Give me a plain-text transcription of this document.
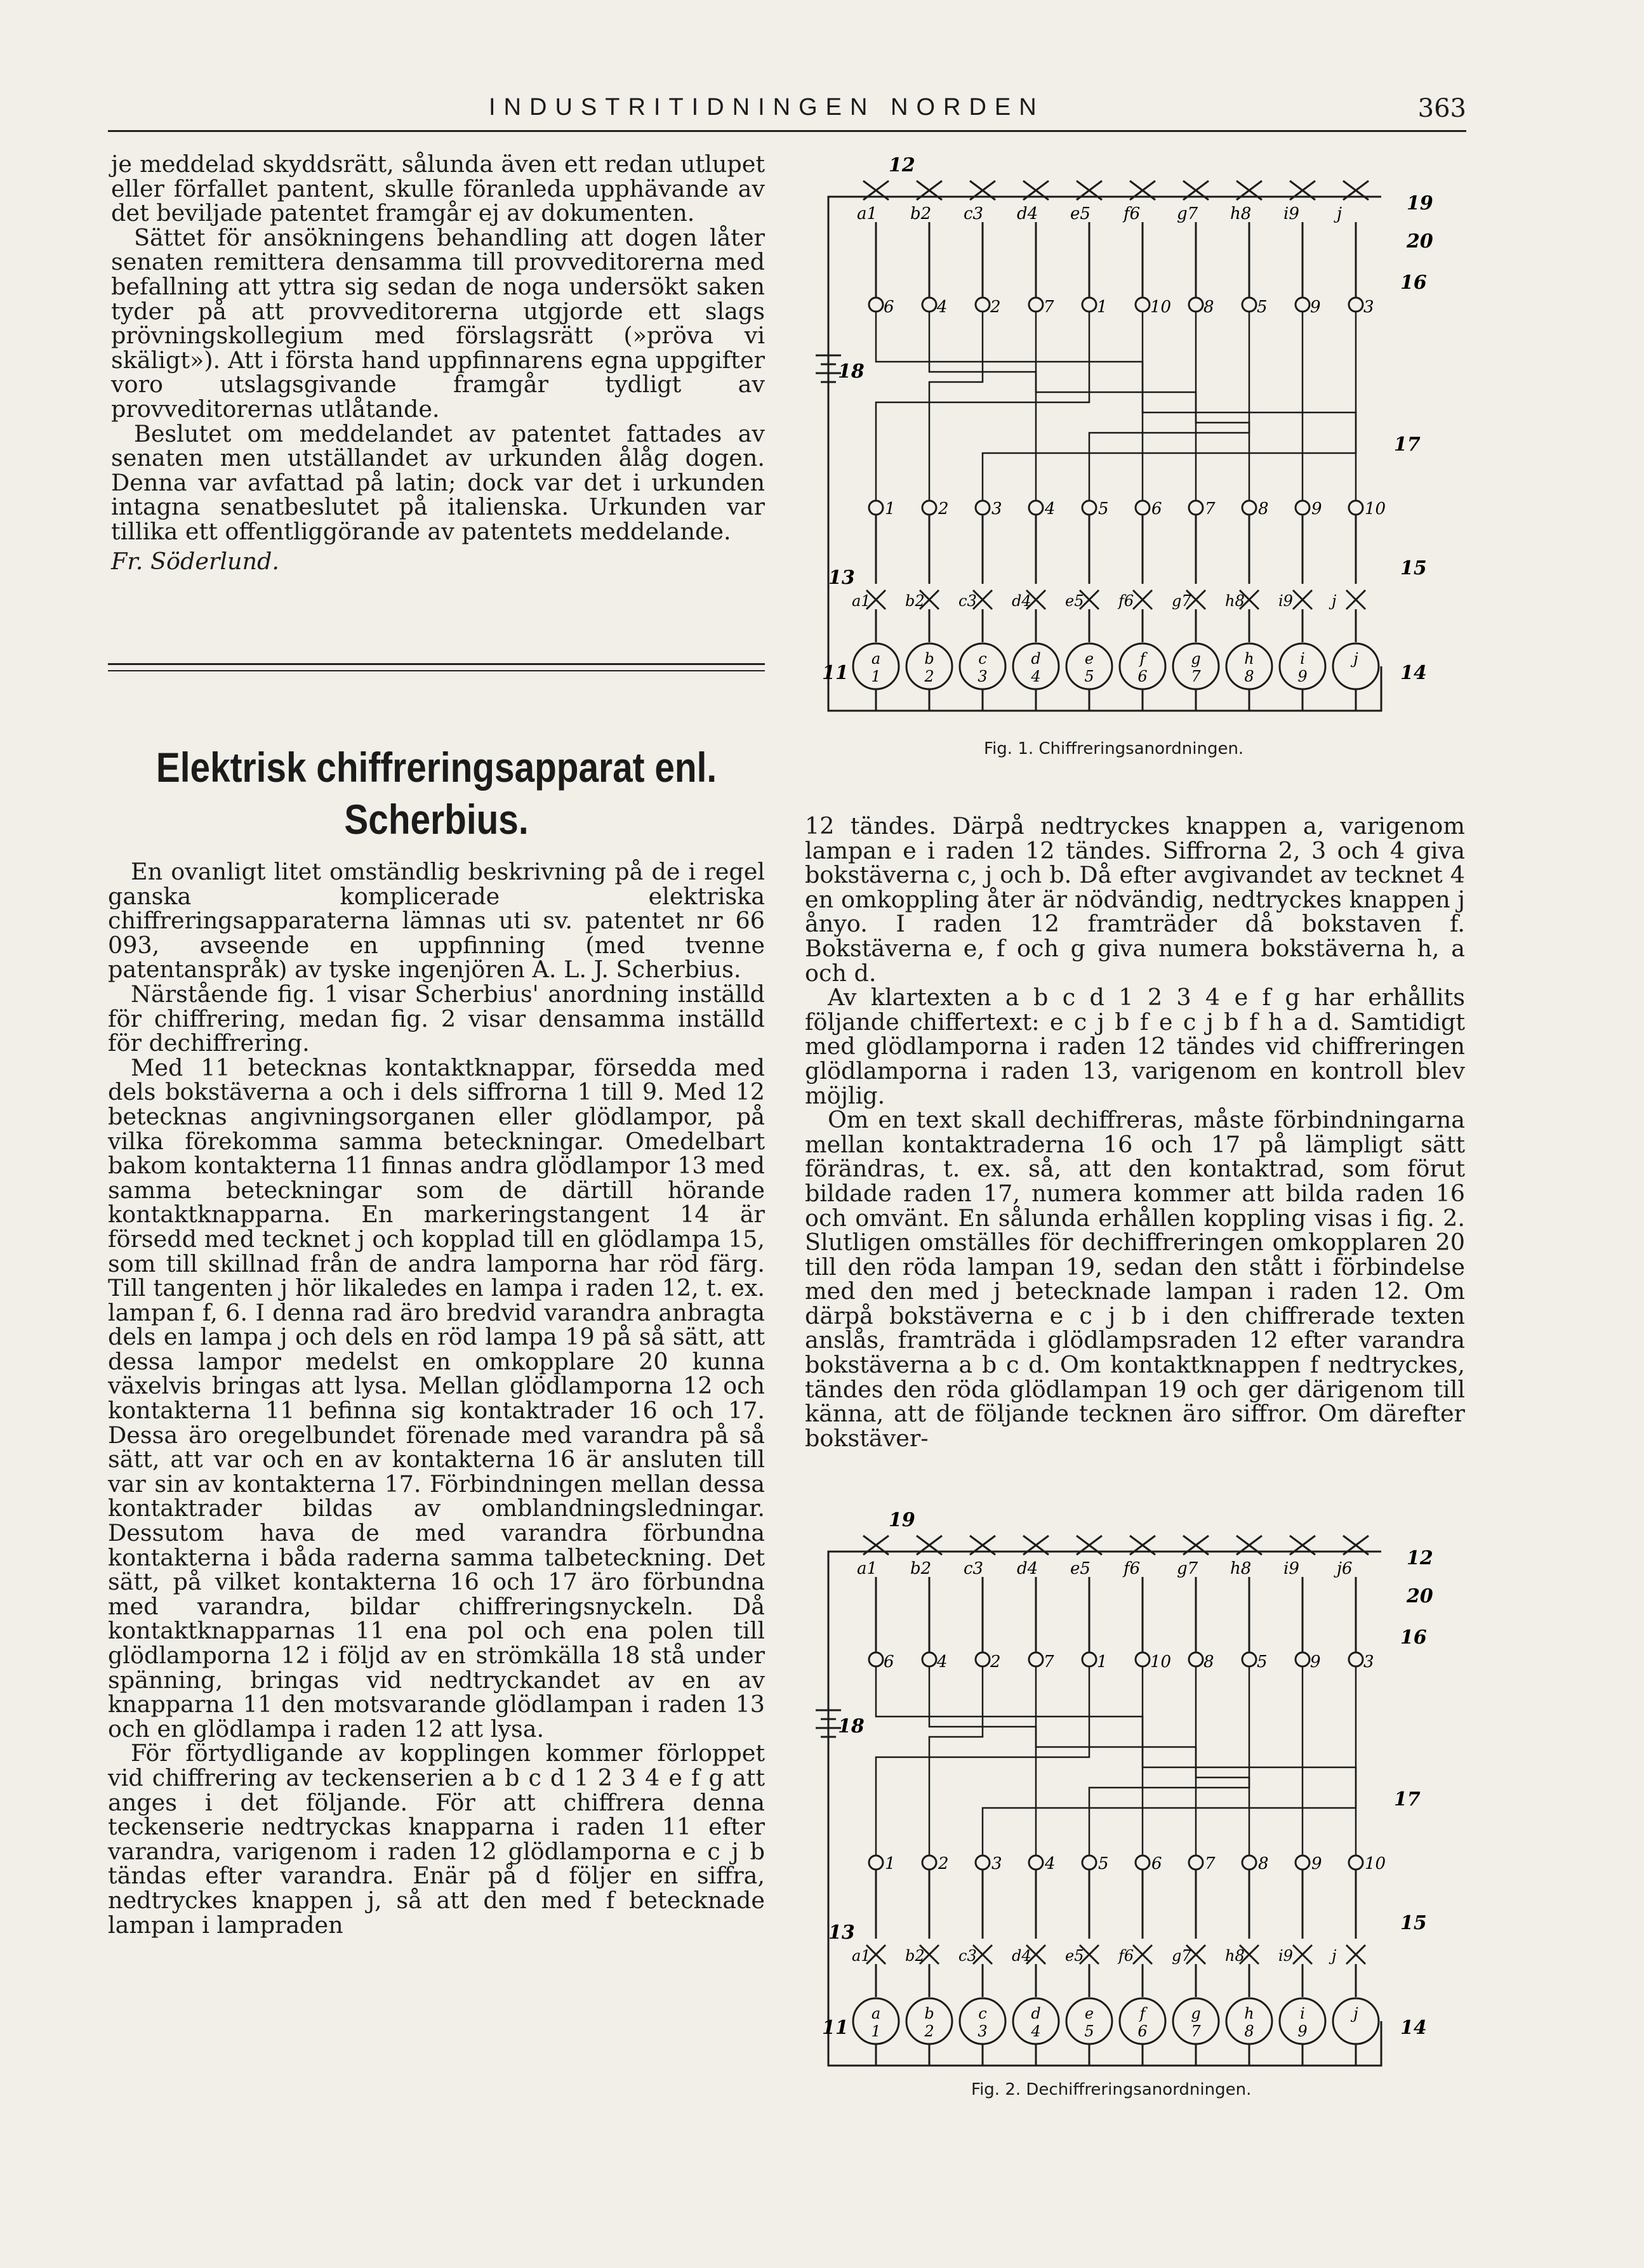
INDUSTRITIDNINGEN NORDEN	363

je meddelad skyddsrätt, sålunda även ett redan utlupet eller förfallet pantent, skulle föranleda upphävande av det beviljade patentet framgår ej av dokumenten.

Sättet för ansökningens behandling att dogen låter senaten remittera densamma till provveditorerna med befallning att yttra sig sedan de noga undersökt saken tyder på att provveditorerna utgjorde ett slags prövningskollegium med förslagsrätt (»pröva vi skäligt»). Att i första hand uppfinnarens egna uppgifter voro utslagsgivande framgår tydligt av provveditorernas utlåtande.

Beslutet om meddelandet av patentet fattades av senaten men utställandet av urkunden ålåg dogen. Denna var avfattad på latin; dock var det i urkunden intagna senatbeslutet på italienska. Urkunden var tillika ett offentliggörande av patentets meddelande.

Fr. Söderlund.

Elektrisk chiffreringsapparat enl.
Scherbius.

En ovanligt litet omständlig beskrivning på de i regel ganska komplicerade elektriska chiffreringsapparaterna lämnas uti sv. patentet nr 66 093, avseende en uppfinning (med tvenne patentanspråk) av tyske ingenjören A. L. J. Scherbius.

Närstående fig. 1 visar Scherbius' anordning inställd för chiffrering, medan fig. 2 visar densamma inställd för dechiffrering.

Med 11 betecknas kontaktknappar, försedda med dels bokstäverna a och i dels siffrorna 1 till 9. Med 12 betecknas angivningsorganen eller glödlampor, på vilka förekomma samma beteckningar. Omedelbart bakom kontakterna 11 finnas andra glödlampor 13 med samma beteckningar som de därtill hörande kontaktknapparna. En markeringstangent 14 är försedd med tecknet j och kopplad till en glödlampa 15, som till skillnad från de andra lamporna har röd färg. Till tangenten j hör likaledes en lampa i raden 12, t. ex. lampan f, 6. I denna rad äro bredvid varandra anbragta dels en lampa j och dels en röd lampa 19 på så sätt, att dessa lampor medelst en omkopplare 20 kunna växelvis bringas att lysa. Mellan glödlamporna 12 och kontakterna 11 befinna sig kontaktrader 16 och 17. Dessa äro oregelbundet förenade med varandra på så sätt, att var och en av kontakterna 16 är ansluten till var sin av kontakterna 17. Förbindningen mellan dessa kontaktrader bildas av omblandningsledningar. Dessutom hava de med varandra förbundna kontakterna i båda raderna samma talbeteckning. Det sätt, på vilket kontakterna 16 och 17 äro förbundna med varandra, bildar chiffreringsnyckeln. Då kontaktknapparnas 11 ena pol och ena polen till glödlamporna 12 i följd av en strömkälla 18 stå under spänning, bringas vid nedtryckandet av en av knapparna 11 den motsvarande glödlampan i raden 13 och en glödlampa i raden 12 att lysa.

För förtydligande av kopplingen kommer förloppet vid chiffrering av teckenserien a b c d 1 2 3 4 e f g att anges i det följande. För att chiffrera denna teckenserie nedtryckas knapparna i raden 11 efter varandra, varigenom i raden 12 glödlamporna e c j b tändas efter varandra. Enär på d följer en siffra, nedtryckes knappen j, så att den med f betecknade lampan i lampraden

12 tändes. Därpå nedtryckes knappen a, varigenom lampan e i raden 12 tändes. Siffrorna 2, 3 och 4 giva bokstäverna c, j och b. Då efter avgivandet av tecknet 4 en omkoppling åter är nödvändig, nedtryckes knappen j ånyo. I raden 12 framträder då bokstaven f. Bokstäverna e, f och g giva numera bokstäverna h, a och d.

Av klartexten a b c d 1 2 3 4 e f g har erhållits följande chiffertext: e c j b f e c j b f h a d. Samtidigt med glödlamporna i raden 12 tändes vid chiffreringen glödlamporna i raden 13, varigenom en kontroll blev möjlig.

Om en text skall dechiffreras, måste förbindningarna mellan kontaktraderna 16 och 17 på lämpligt sätt förändras, t. ex. så, att den kontaktrad, som förut bildade raden 17, numera kommer att bilda raden 16 och omvänt. En sålunda erhållen koppling visas i fig. 2. Slutligen omställes för dechiffreringen omkopplaren 20 till den röda lampan 19, sedan den stått i förbindelse med den med j betecknade lampan i raden 12. Om därpå bokstäverna e c j b i den chiffrerade texten anslås, framträda i glödlampsraden 12 efter varandra bokstäverna a b c d. Om kontaktknappen f nedtryckes, tändes den röda glödlampan 19 och ger därigenom till känna, att de följande tecknen äro siffror. Om därefter bokstäver-

a1 b2 c3 d4 e5 f6 g7 h8 i9 j
6	4	2	7	1	10 8	5	9	3
1	2	3	4	5	6	7	8	9	10
a1 b2 c3 d4 e5 f6 g7 h8 i9	j
a
1
b
2
c
3
d
4
e
5
f
6
g
7
h
8
i
9
j
12
19
20
16
18
17
13	15
11	14
Fig. 1. Chiffreringsanordningen.
a1 b2 c3 d4 e5 f6 g7 h8 i9 j6
6	4	2	7	1	10 8	5	9	3
1	2	3	4	5	6	7	8	9	10
a1 b2 c3 d4 e5 f6 g7 h8 i9	j
a
1
b
2
c
3
d
4
e
5
f
6
g
7
h
8
i
9
j
19
12
20
16
18
17
13	15
11	14
Fig. 2. Dechiffreringsanordningen.
